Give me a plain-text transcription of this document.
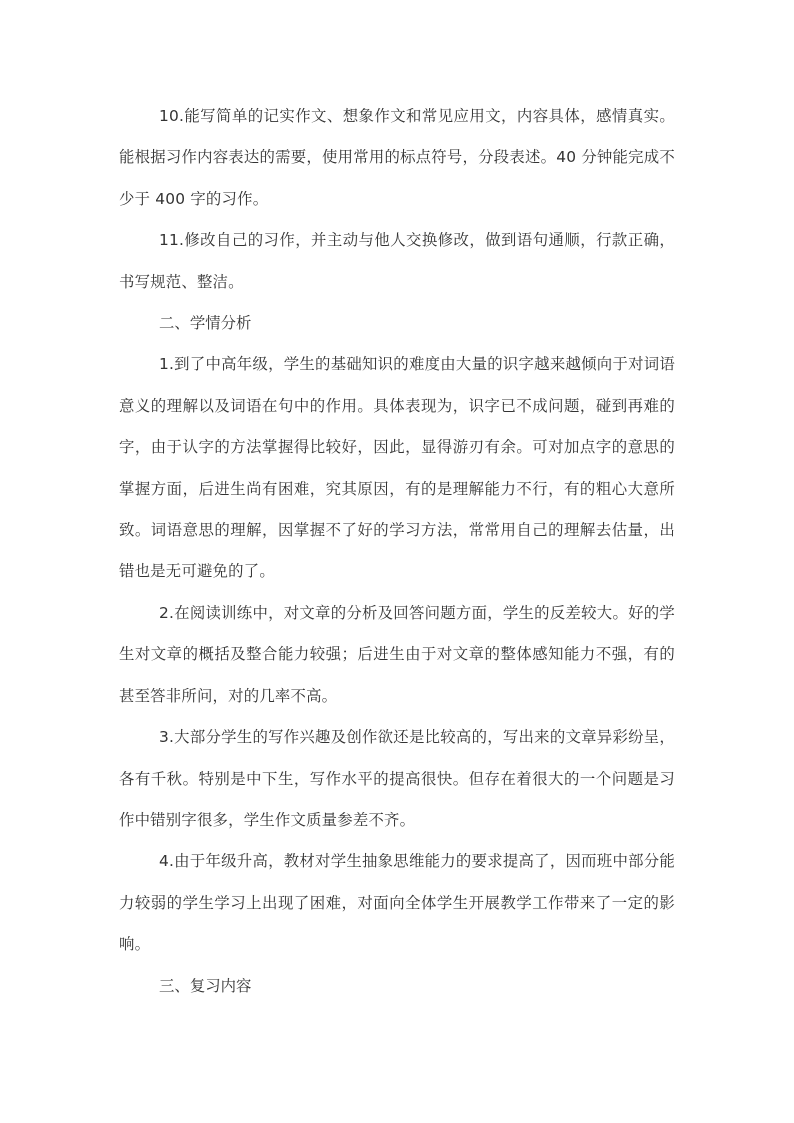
10.能写简单的记实作文、想象作文和常见应用文，内容具体，感情真实。能根据习作内容表达的需要，使用常用的标点符号，分段表述。40 分钟能完成不少于 400 字的习作。

11.修改自己的习作，并主动与他人交换修改，做到语句通顺，行款正确，书写规范、整洁。

二、学情分析

1.到了中高年级，学生的基础知识的难度由大量的识字越来越倾向于对词语意义的理解以及词语在句中的作用。具体表现为，识字已不成问题，碰到再难的字，由于认字的方法掌握得比较好，因此，显得游刃有余。可对加点字的意思的掌握方面，后进生尚有困难，究其原因，有的是理解能力不行，有的粗心大意所致。词语意思的理解，因掌握不了好的学习方法，常常用自己的理解去估量，出错也是无可避免的了。

2.在阅读训练中，对文章的分析及回答问题方面，学生的反差较大。好的学生对文章的概括及整合能力较强；后进生由于对文章的整体感知能力不强，有的甚至答非所问，对的几率不高。

3.大部分学生的写作兴趣及创作欲还是比较高的，写出来的文章异彩纷呈，各有千秋。特别是中下生，写作水平的提高很快。但存在着很大的一个问题是习作中错别字很多，学生作文质量参差不齐。

4.由于年级升高，教材对学生抽象思维能力的要求提高了，因而班中部分能力较弱的学生学习上出现了困难，对面向全体学生开展教学工作带来了一定的影响。

三、复习内容
